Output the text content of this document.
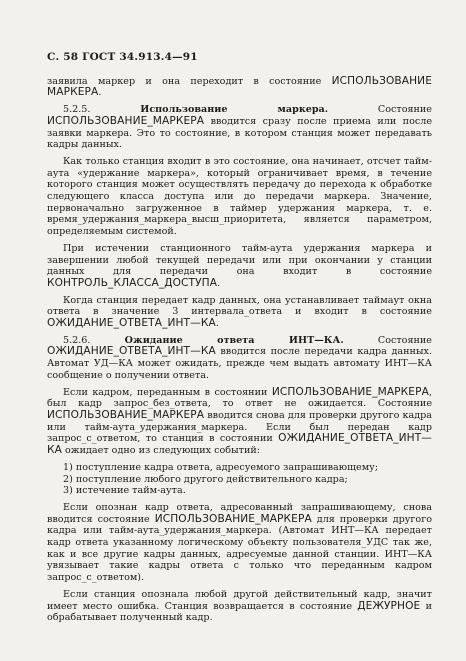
С. 58 ГОСТ 34.913.4—91

заявила маркер и она переходит в состояние ИСПОЛЬЗОВАНИЕ МАРКЕРА.

5.2.5.	Использование маркера. Состояние ИСПОЛЬЗОВАНИЕ_МАРКЕРА вводится сразу после приема или после заявки маркера. Это то состояние, в котором станция может передавать кадры данных.

Как только станция входит в это состояние, она начинает, отсчет тайм-аута «удержание маркера», который ограничивает время, в течение которого станция может осуществлять передачу до перехода к обработке следующего класса доступа или до передачи маркера. Значение, первоначально загруженное в таймер удержания маркера, т. е. время_удержания_маркера_высш_приоритета, является параметром, определяемым системой.

При истечении станционного тайм-аута удержания маркера и завершении любой текущей передачи или при окончании у станции данных для передачи она входит в состояние КОНТРОЛЬ_КЛАССА_ДОСТУПА.

Когда станция передает кадр данных, она устанавливает таймаут окна ответа в значение 3 интервала_ответа и входит в состояние ОЖИДАНИЕ_ОТВЕТА_ИНТ—КА.

5.2.6.	Ожидание ответа ИНТ—КА. Состояние ОЖИДАНИЕ_ОТВЕТА_ИНТ—КА вводится после передачи кадра данных. Автомат УД—КА может ожидать, прежде чем выдать автомату ИНТ—КА сообщение о получении ответа.

Если кадром, переданным в состоянии ИСПОЛЬЗОВАНИЕ_МАРКЕРА, был кадр запрос_без_ответа, то ответ не ожидается. Состояние ИСПОЛЬЗОВАНИЕ_МАРКЕРА вводится снова для проверки другого кадра или тайм-аута_удержания_маркера. Если был передан кадр запрос_с_ответом, то станция в состоянии ОЖИДАНИЕ_ОТВЕТА_ИНТ—КА ожидает одно из следующих событий:

1) поступление кадра ответа, адресуемого запрашивающему;
2) поступление любого другого действительного кадра;
3) истечение тайм-аута.

Если опознан кадр ответа, адресованный запрашивающему, снова вводится состояние ИСПОЛЬЗОВАНИЕ_МАРКЕРА для проверки другого кадра или тайм-аута_удержания_маркера. (Автомат ИНТ—КА передает кадр ответа указанному логическому объекту пользователя_УДС так же, как и все другие кадры данных, адресуемые данной станции. ИНТ—КА увязывает такие кадры ответа с только что переданным кадром запрос_с_ответом).

Если станция опознала любой другой действительный кадр, значит имеет место ошибка. Станция возвращается в состояние ДЕЖУРНОЕ и обрабатывает полученный кадр.
